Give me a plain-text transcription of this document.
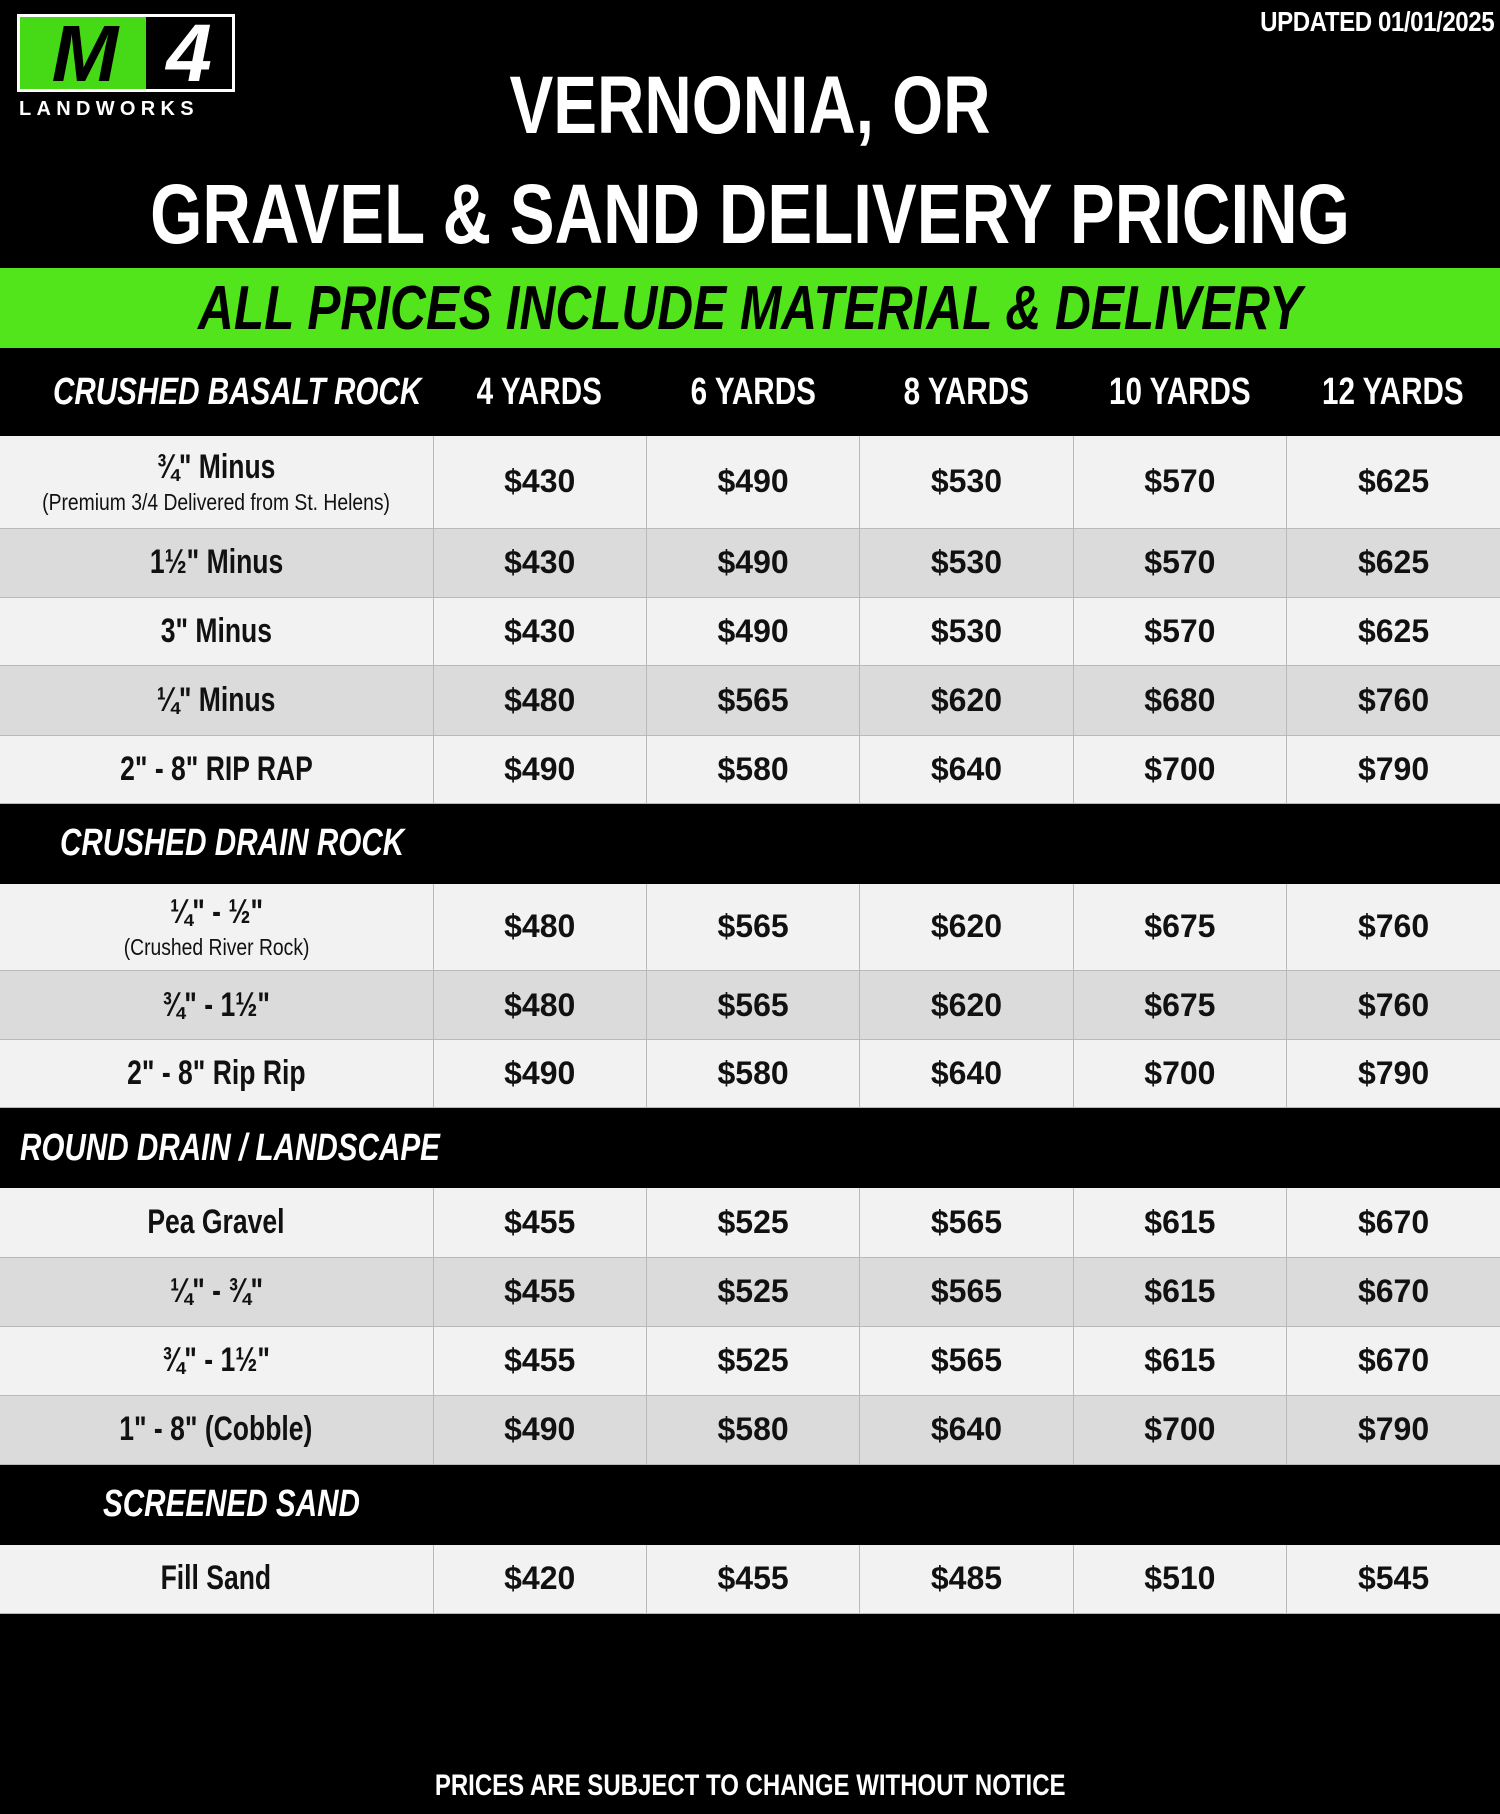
M 4
LANDWORKS
UPDATED 01/01/2025
VERNONIA, OR
GRAVEL & SAND DELIVERY PRICING
ALL PRICES INCLUDE MATERIAL & DELIVERY
CRUSHED BASALT ROCK	4 YARDS	6 YARDS	8 YARDS	10 YARDS	12 YARDS
¾" Minus
(Premium 3/4 Delivered from St. Helens)	$430	$490	$530	$570	$625
1½" Minus	$430	$490	$530	$570	$625
3" Minus	$430	$490	$530	$570	$625
¼" Minus	$480	$565	$620	$680	$760
2" - 8" RIP RAP	$490	$580	$640	$700	$790
CRUSHED DRAIN ROCK					
¼" - ½"
(Crushed River Rock)	$480	$565	$620	$675	$760
¾" - 1½"	$480	$565	$620	$675	$760
2" - 8" Rip Rip	$490	$580	$640	$700	$790
ROUND DRAIN / LANDSCAPE					
Pea Gravel	$455	$525	$565	$615	$670
¼" - ¾"	$455	$525	$565	$615	$670
¾" - 1½"	$455	$525	$565	$615	$670
1" - 8" (Cobble)	$490	$580	$640	$700	$790
SCREENED SAND					
Fill Sand	$420	$455	$485	$510	$545
PRICES ARE SUBJECT TO CHANGE WITHOUT NOTICE
